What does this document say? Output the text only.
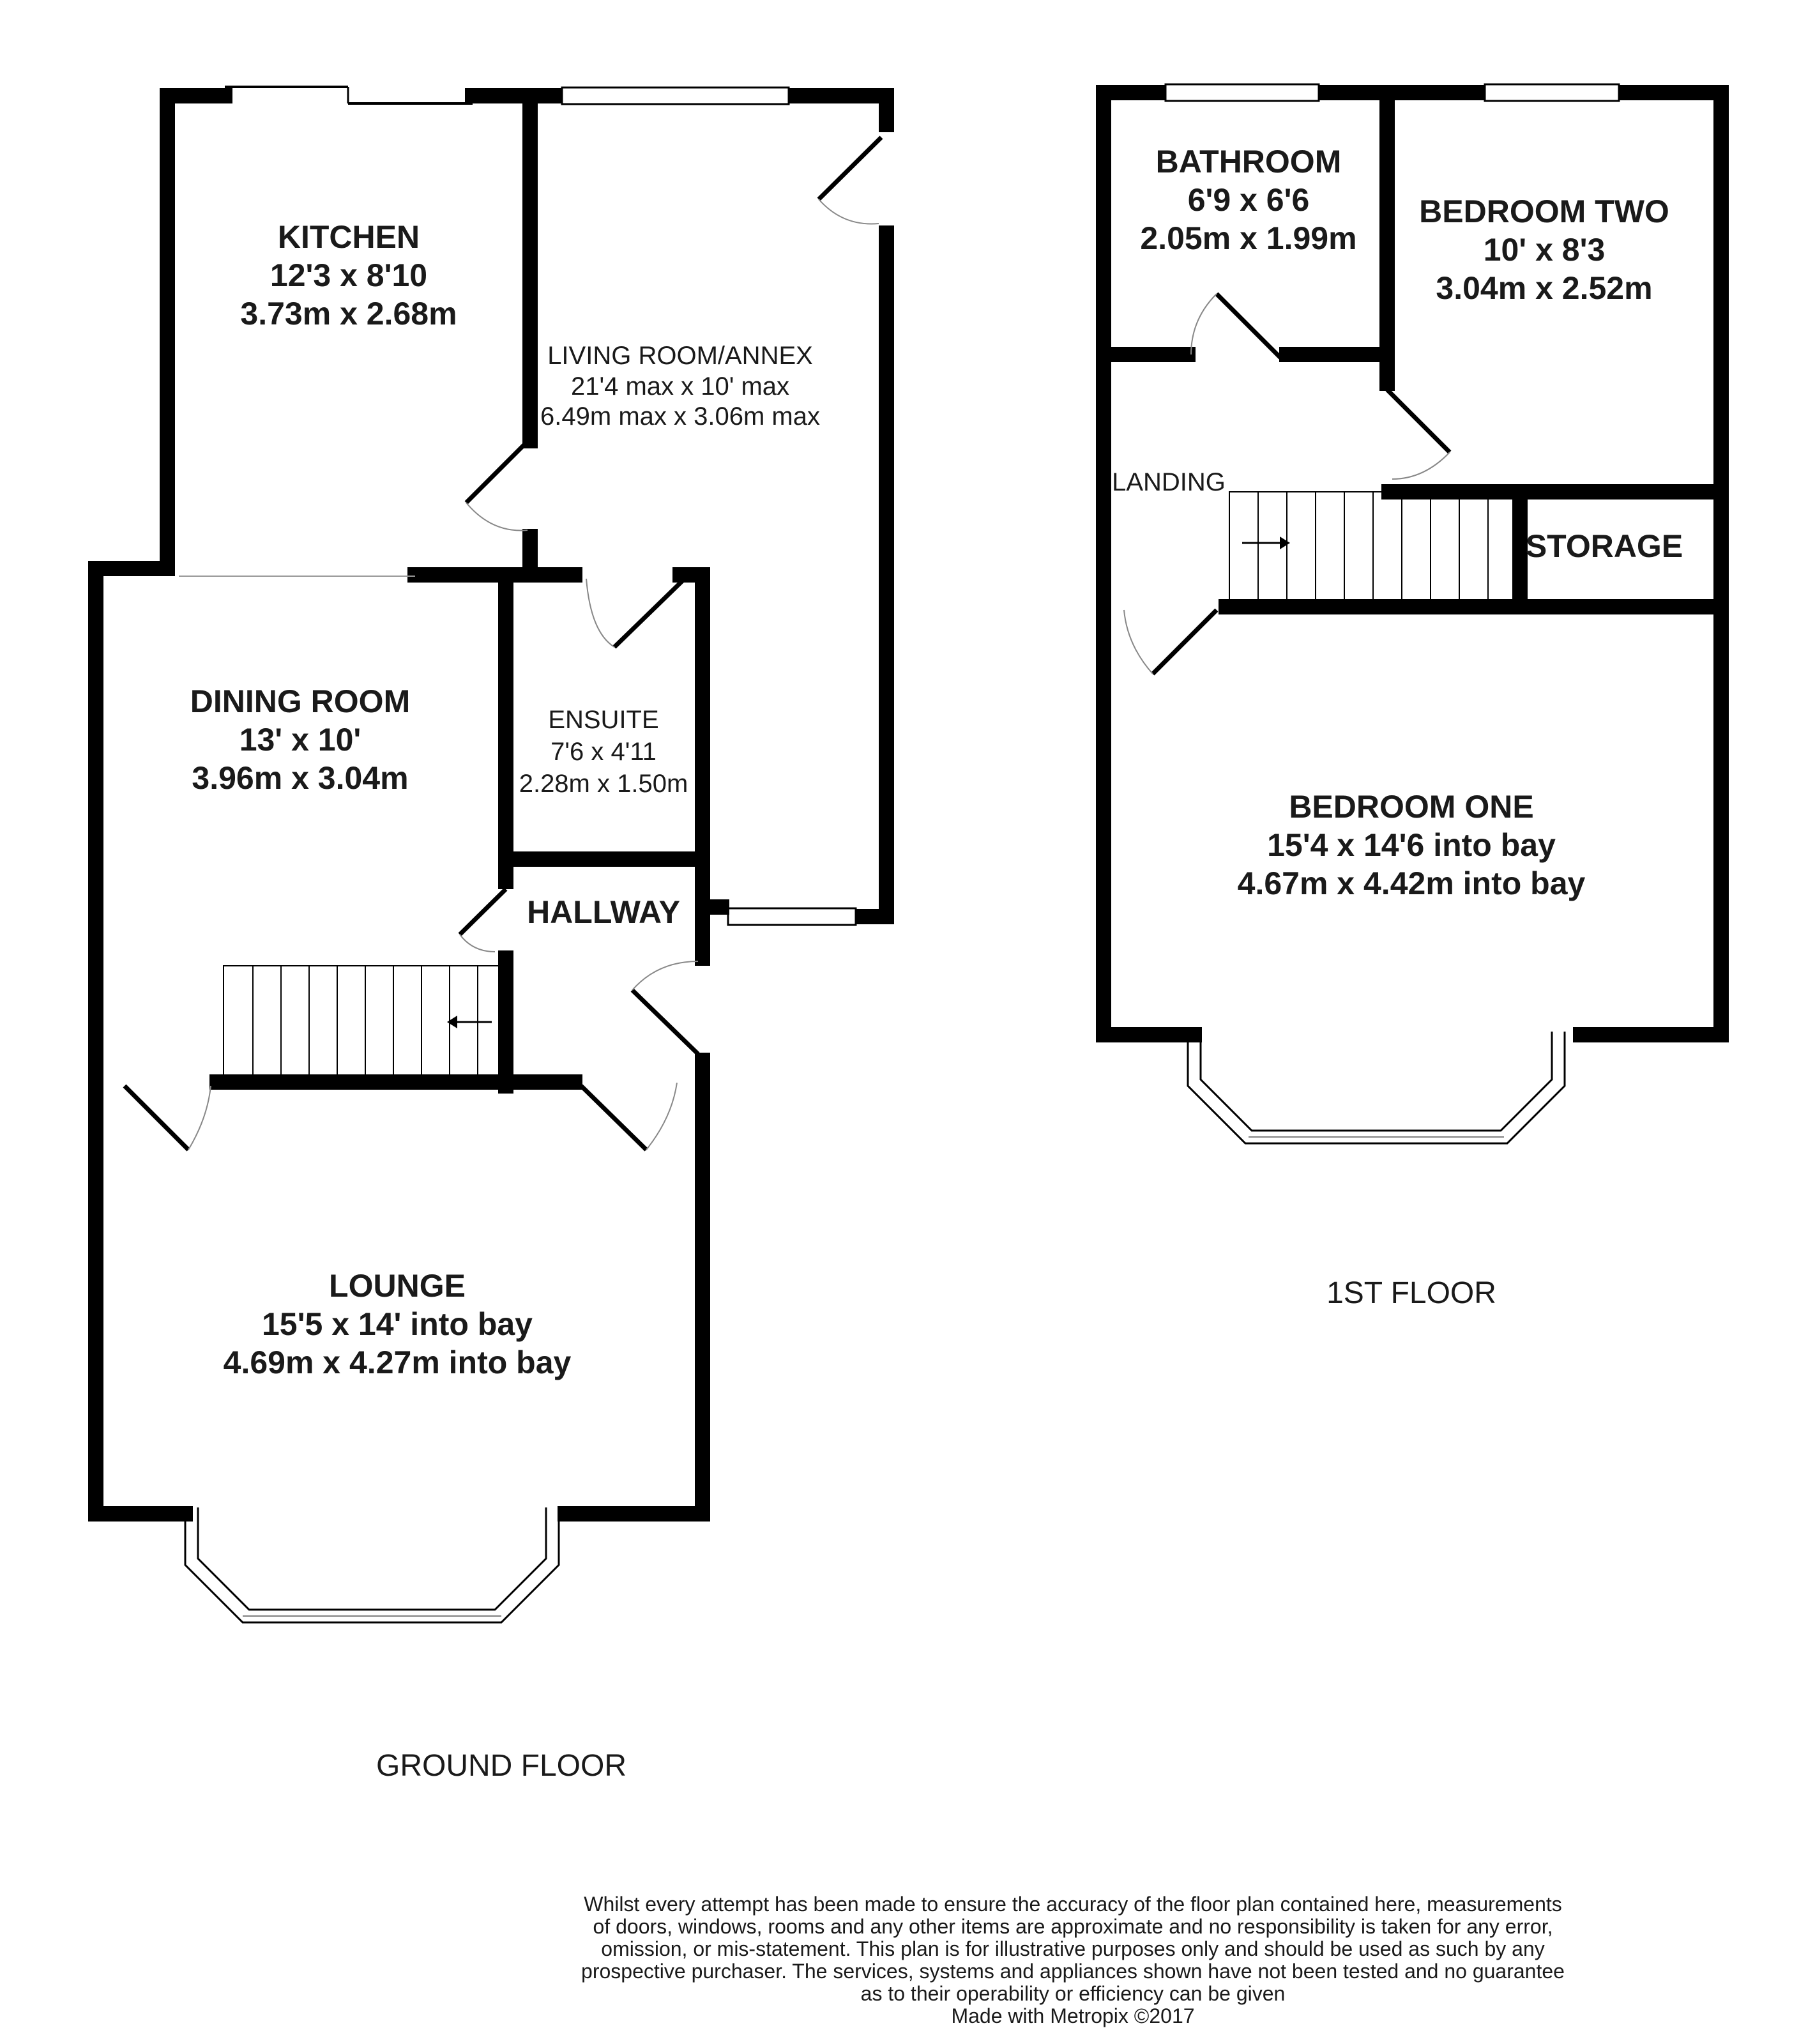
KITCHEN
12'3 x 8'10
3.73m x 2.68m
LIVING ROOM/ANNEX
21'4 max x 10' max
6.49m max x 3.06m max
DINING ROOM
13' x 10'
3.96m x 3.04m
ENSUITE
7'6 x 4'11
2.28m x 1.50m
HALLWAY
LOUNGE
15'5 x 14' into bay
4.69m x 4.27m into bay
GROUND FLOOR
BATHROOM
6'9 x 6'6
2.05m x 1.99m
BEDROOM TWO
10' x 8'3
3.04m x 2.52m
LANDING
STORAGE
BEDROOM ONE
15'4 x 14'6 into bay
4.67m x 4.42m into bay
1ST FLOOR
Whilst every attempt has been made to ensure the accuracy of the floor plan contained here, measurements
of doors, windows, rooms and any other items are approximate and no responsibility is taken for any error,
omission, or mis-statement. This plan is for illustrative purposes only and should be used as such by any
prospective purchaser. The services, systems and appliances shown have not been tested and no guarantee
as to their operability or efficiency can be given
Made with Metropix ©2017
